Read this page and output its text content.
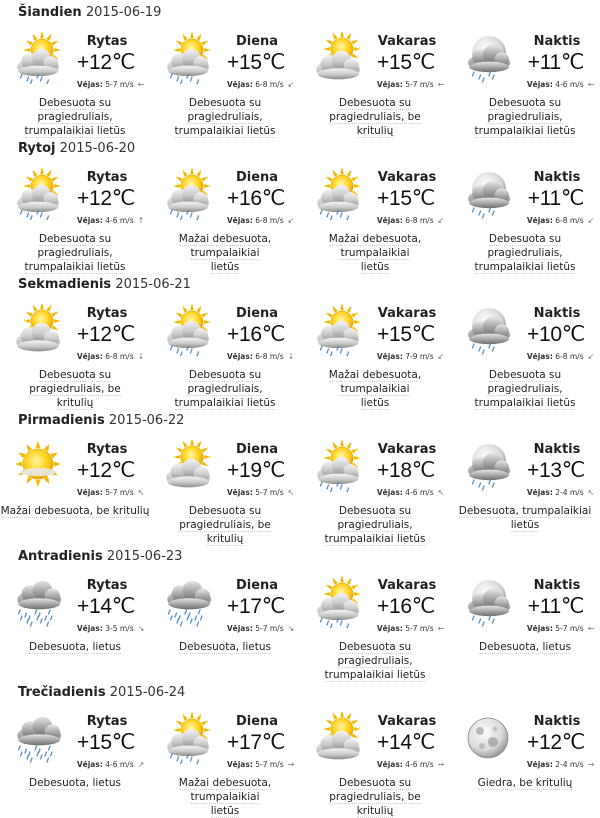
Šiandien 2015-06-19
Rytas
+12℃
Vėjas: 5-7 m/s ←
Debesuota su pragiedruliais,
trumpalaikiai lietūs
Diena
+15℃
Vėjas: 6-8 m/s ↙
Debesuota su pragiedruliais,
trumpalaikiai lietūs
Vakaras
+15℃
Vėjas: 5-7 m/s ←
Debesuota su pragiedruliais, be
kritulių
Naktis
+11℃
Vėjas: 4-6 m/s ←
Debesuota su pragiedruliais,
trumpalaikiai lietūs
Rytoj 2015-06-20
Rytas
+12℃
Vėjas: 4-6 m/s ↑
Debesuota su pragiedruliais,
trumpalaikiai lietūs
Diena
+16℃
Vėjas: 6-8 m/s ↙
Mažai debesuota, trumpalaikiai
lietūs
Vakaras
+15℃
Vėjas: 6-8 m/s ↙
Mažai debesuota, trumpalaikiai
lietūs
Naktis
+11℃
Vėjas: 6-8 m/s ↙
Debesuota su pragiedruliais,
trumpalaikiai lietūs
Sekmadienis 2015-06-21
Rytas
+12℃
Vėjas: 6-8 m/s ↓
Debesuota su pragiedruliais, be
kritulių
Diena
+16℃
Vėjas: 6-8 m/s ↓
Debesuota su pragiedruliais,
trumpalaikiai lietūs
Vakaras
+15℃
Vėjas: 7-9 m/s ↙
Mažai debesuota, trumpalaikiai
lietūs
Naktis
+10℃
Vėjas: 6-8 m/s ↙
Debesuota su pragiedruliais,
trumpalaikiai lietūs
Pirmadienis 2015-06-22
Rytas
+12℃
Vėjas: 5-7 m/s ↖
Mažai debesuota, be kritulių
Diena
+19℃
Vėjas: 5-7 m/s ↖
Debesuota su pragiedruliais, be
kritulių
Vakaras
+18℃
Vėjas: 4-6 m/s ↖
Debesuota su pragiedruliais,
trumpalaikiai lietūs
Naktis
+13℃
Vėjas: 2-4 m/s ↖
Debesuota, trumpalaikiai lietūs
Antradienis 2015-06-23
Rytas
+14℃
Vėjas: 3-5 m/s ↘
Debesuota, lietus
Diena
+17℃
Vėjas: 5-7 m/s ↘
Debesuota, lietus
Vakaras
+16℃
Vėjas: 5-7 m/s ←
Debesuota su pragiedruliais,
trumpalaikiai lietūs
Naktis
+11℃
Vėjas: 5-7 m/s ←
Debesuota, lietus
Trečiadienis 2015-06-24
Rytas
+15℃
Vėjas: 4-6 m/s ↗
Debesuota, lietus
Diena
+17℃
Vėjas: 5-7 m/s →
Mažai debesuota, trumpalaikiai
lietūs
Vakaras
+14℃
Vėjas: 4-6 m/s →
Debesuota su pragiedruliais, be
kritulių
Naktis
+12℃
Vėjas: 2-4 m/s →
Giedra, be kritulių
